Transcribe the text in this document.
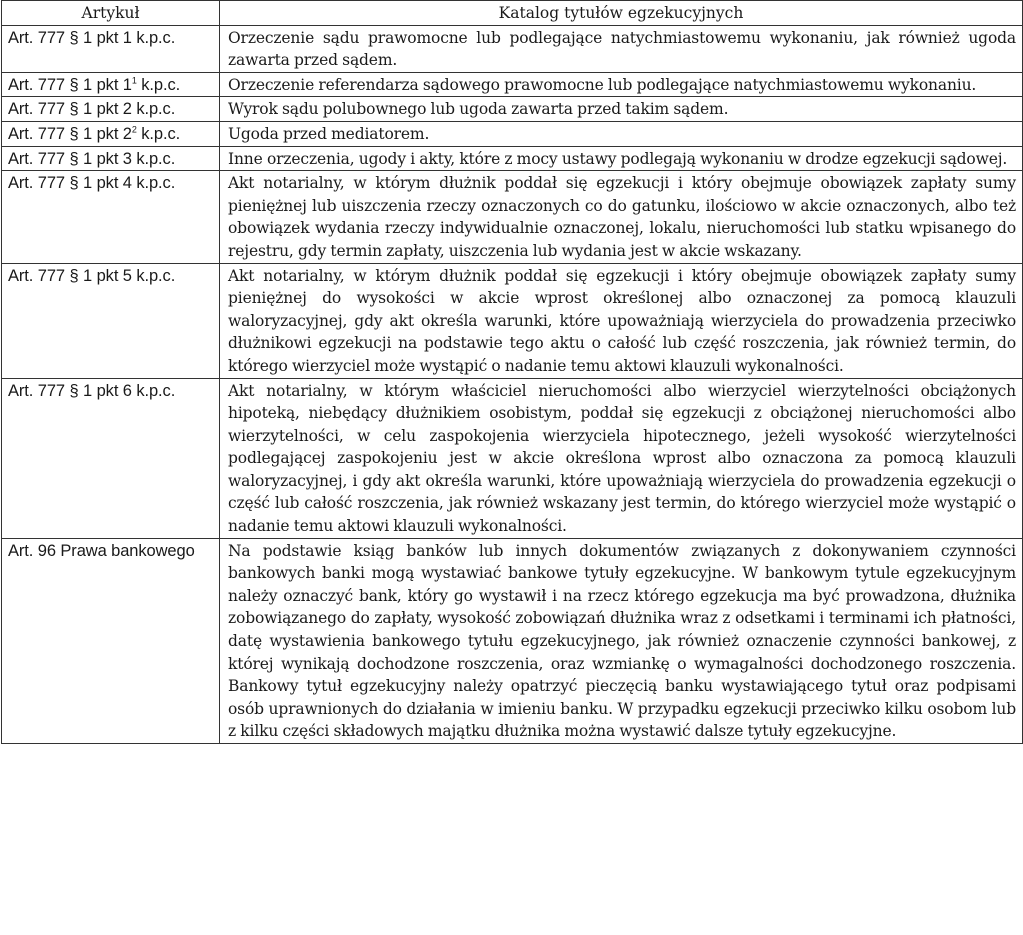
Artykuł	Katalog tytułów egzekucyjnych
Art. 777 § 1 pkt 1 k.p.c.	Orzeczenie sądu prawomocne lub podlegające natychmiastowemu wykonaniu, jak również ugoda zawarta przed sądem.
Art. 777 § 1 pkt $1^1$ k.p.c.	Orzeczenie referendarza sądowego prawomocne lub podlegające natychmiastowemu wykonaniu.
Art. 777 § 1 pkt 2 k.p.c.	Wyrok sądu polubownego lub ugoda zawarta przed takim sądem.
Art. 777 § 1 pkt $2^2$ k.p.c.	Ugoda przed mediatorem.
Art. 777 § 1 pkt 3 k.p.c.	Inne orzeczenia, ugody i akty, które z mocy ustawy podlegają wykonaniu w drodze egzekucji sądowej.
Art. 777 § 1 pkt 4 k.p.c.	Akt notarialny, w którym dłużnik poddał się egzekucji i który obejmuje obowiązek zapłaty sumy pieniężnej lub uiszczenia rzeczy oznaczonych co do gatunku, ilościowo w akcie oznaczonych, albo też obowiązek wydania rzeczy indywidualnie oznaczonej, lokalu, nieruchomości lub statku wpisanego do rejestru, gdy termin zapłaty, uiszczenia lub wydania jest w akcie wskazany.
Art. 777 § 1 pkt 5 k.p.c.	Akt notarialny, w którym dłużnik poddał się egzekucji i który obejmuje obowiązek zapłaty sumy pieniężnej do wysokości w akcie wprost określonej albo oznaczonej za pomocą klauzuli waloryzacyjnej, gdy akt określa warunki, które upoważniają wierzyciela do prowadzenia przeciwko dłużnikowi egzekucji na podstawie tego aktu o całość lub część roszczenia, jak również termin, do którego wierzyciel może wystąpić o nadanie temu aktowi klauzuli wykonalności.
Art. 777 § 1 pkt 6 k.p.c.	Akt notarialny, w którym właściciel nieruchomości albo wierzyciel wierzytelności obciążonych hipoteką, niebędący dłużnikiem osobistym, poddał się egzekucji z obciążonej nieruchomości albo wierzytelności, w celu zaspokojenia wierzyciela hipotecznego, jeżeli wysokość wierzytelności podlegającej zaspokojeniu jest w akcie określona wprost albo oznaczona za pomocą klauzuli waloryzacyjnej, i gdy akt określa warunki, które upoważniają wierzyciela do prowadzenia egzekucji o część lub całość roszczenia, jak również wskazany jest termin, do którego wierzyciel może wystąpić o nadanie temu aktowi klauzuli wykonalności.
Art. 96 Prawa bankowego	Na podstawie ksiąg banków lub innych dokumentów związanych z dokonywaniem czynności bankowych banki mogą wystawiać bankowe tytuły egzekucyjne. W bankowym tytule egzekucyjnym należy oznaczyć bank, który go wystawił i na rzecz którego egzekucja ma być prowadzona, dłużnika zobowiązanego do zapłaty, wysokość zobowiązań dłużnika wraz z odsetkami i terminami ich płatności, datę wystawienia bankowego tytułu egzekucyjnego, jak również oznaczenie czynności bankowej, z której wynikają dochodzone roszczenia, oraz wzmiankę o wymagalności dochodzonego roszczenia. Bankowy tytuł egzekucyjny należy opatrzyć pieczęcią banku wystawiającego tytuł oraz podpisami osób uprawnionych do działania w imieniu banku. W przypadku egzekucji przeciwko kilku osobom lub z kilku części składowych majątku dłużnika można wystawić dalsze tytuły egzekucyjne.
